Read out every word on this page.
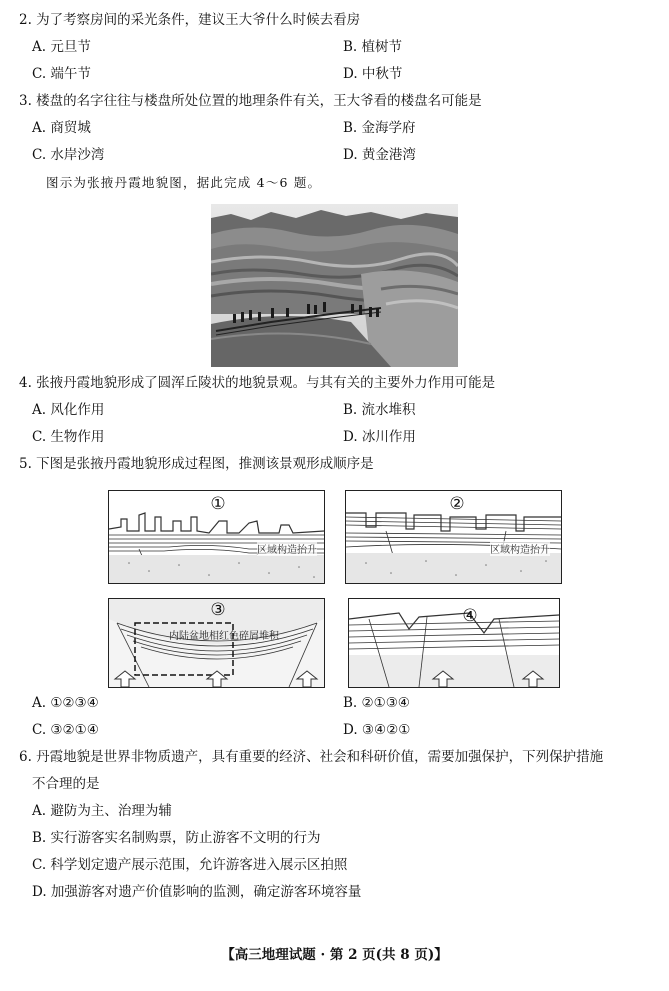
2. 为了考察房间的采光条件，建议王大爷什么时候去看房
A. 元旦节	B. 植树节
C. 端午节	D. 中秋节
3. 楼盘的名字往往与楼盘所处位置的地理条件有关，王大爷看的楼盘名可能是
A. 商贸城	B. 金海学府
C. 水岸沙湾	D. 黄金港湾
图示为张掖丹霞地貌图，据此完成 4～6 题。
4. 张掖丹霞地貌形成了圆浑丘陵状的地貌景观。与其有关的主要外力作用可能是
A. 风化作用	B. 流水堆积
C. 生物作用	D. 冰川作用
5. 下图是张掖丹霞地貌形成过程图，推测该景观形成顺序是
①
区域构造抬升
②
区域构造抬升
③
内陆盆地相红色碎屑堆积
④
A. ①②③④	B. ②①③④
C. ③②①④	D. ③④②①
6. 丹霞地貌是世界非物质遗产，具有重要的经济、社会和科研价值，需要加强保护，下列保护措施
不合理的是
A. 避防为主、治理为辅
B. 实行游客实名制购票，防止游客不文明的行为
C. 科学划定遗产展示范围，允许游客进入展示区拍照
D. 加强游客对遗产价值影响的监测，确定游客环境容量
【高三地理试题 · 第 2 页(共 8 页)】
